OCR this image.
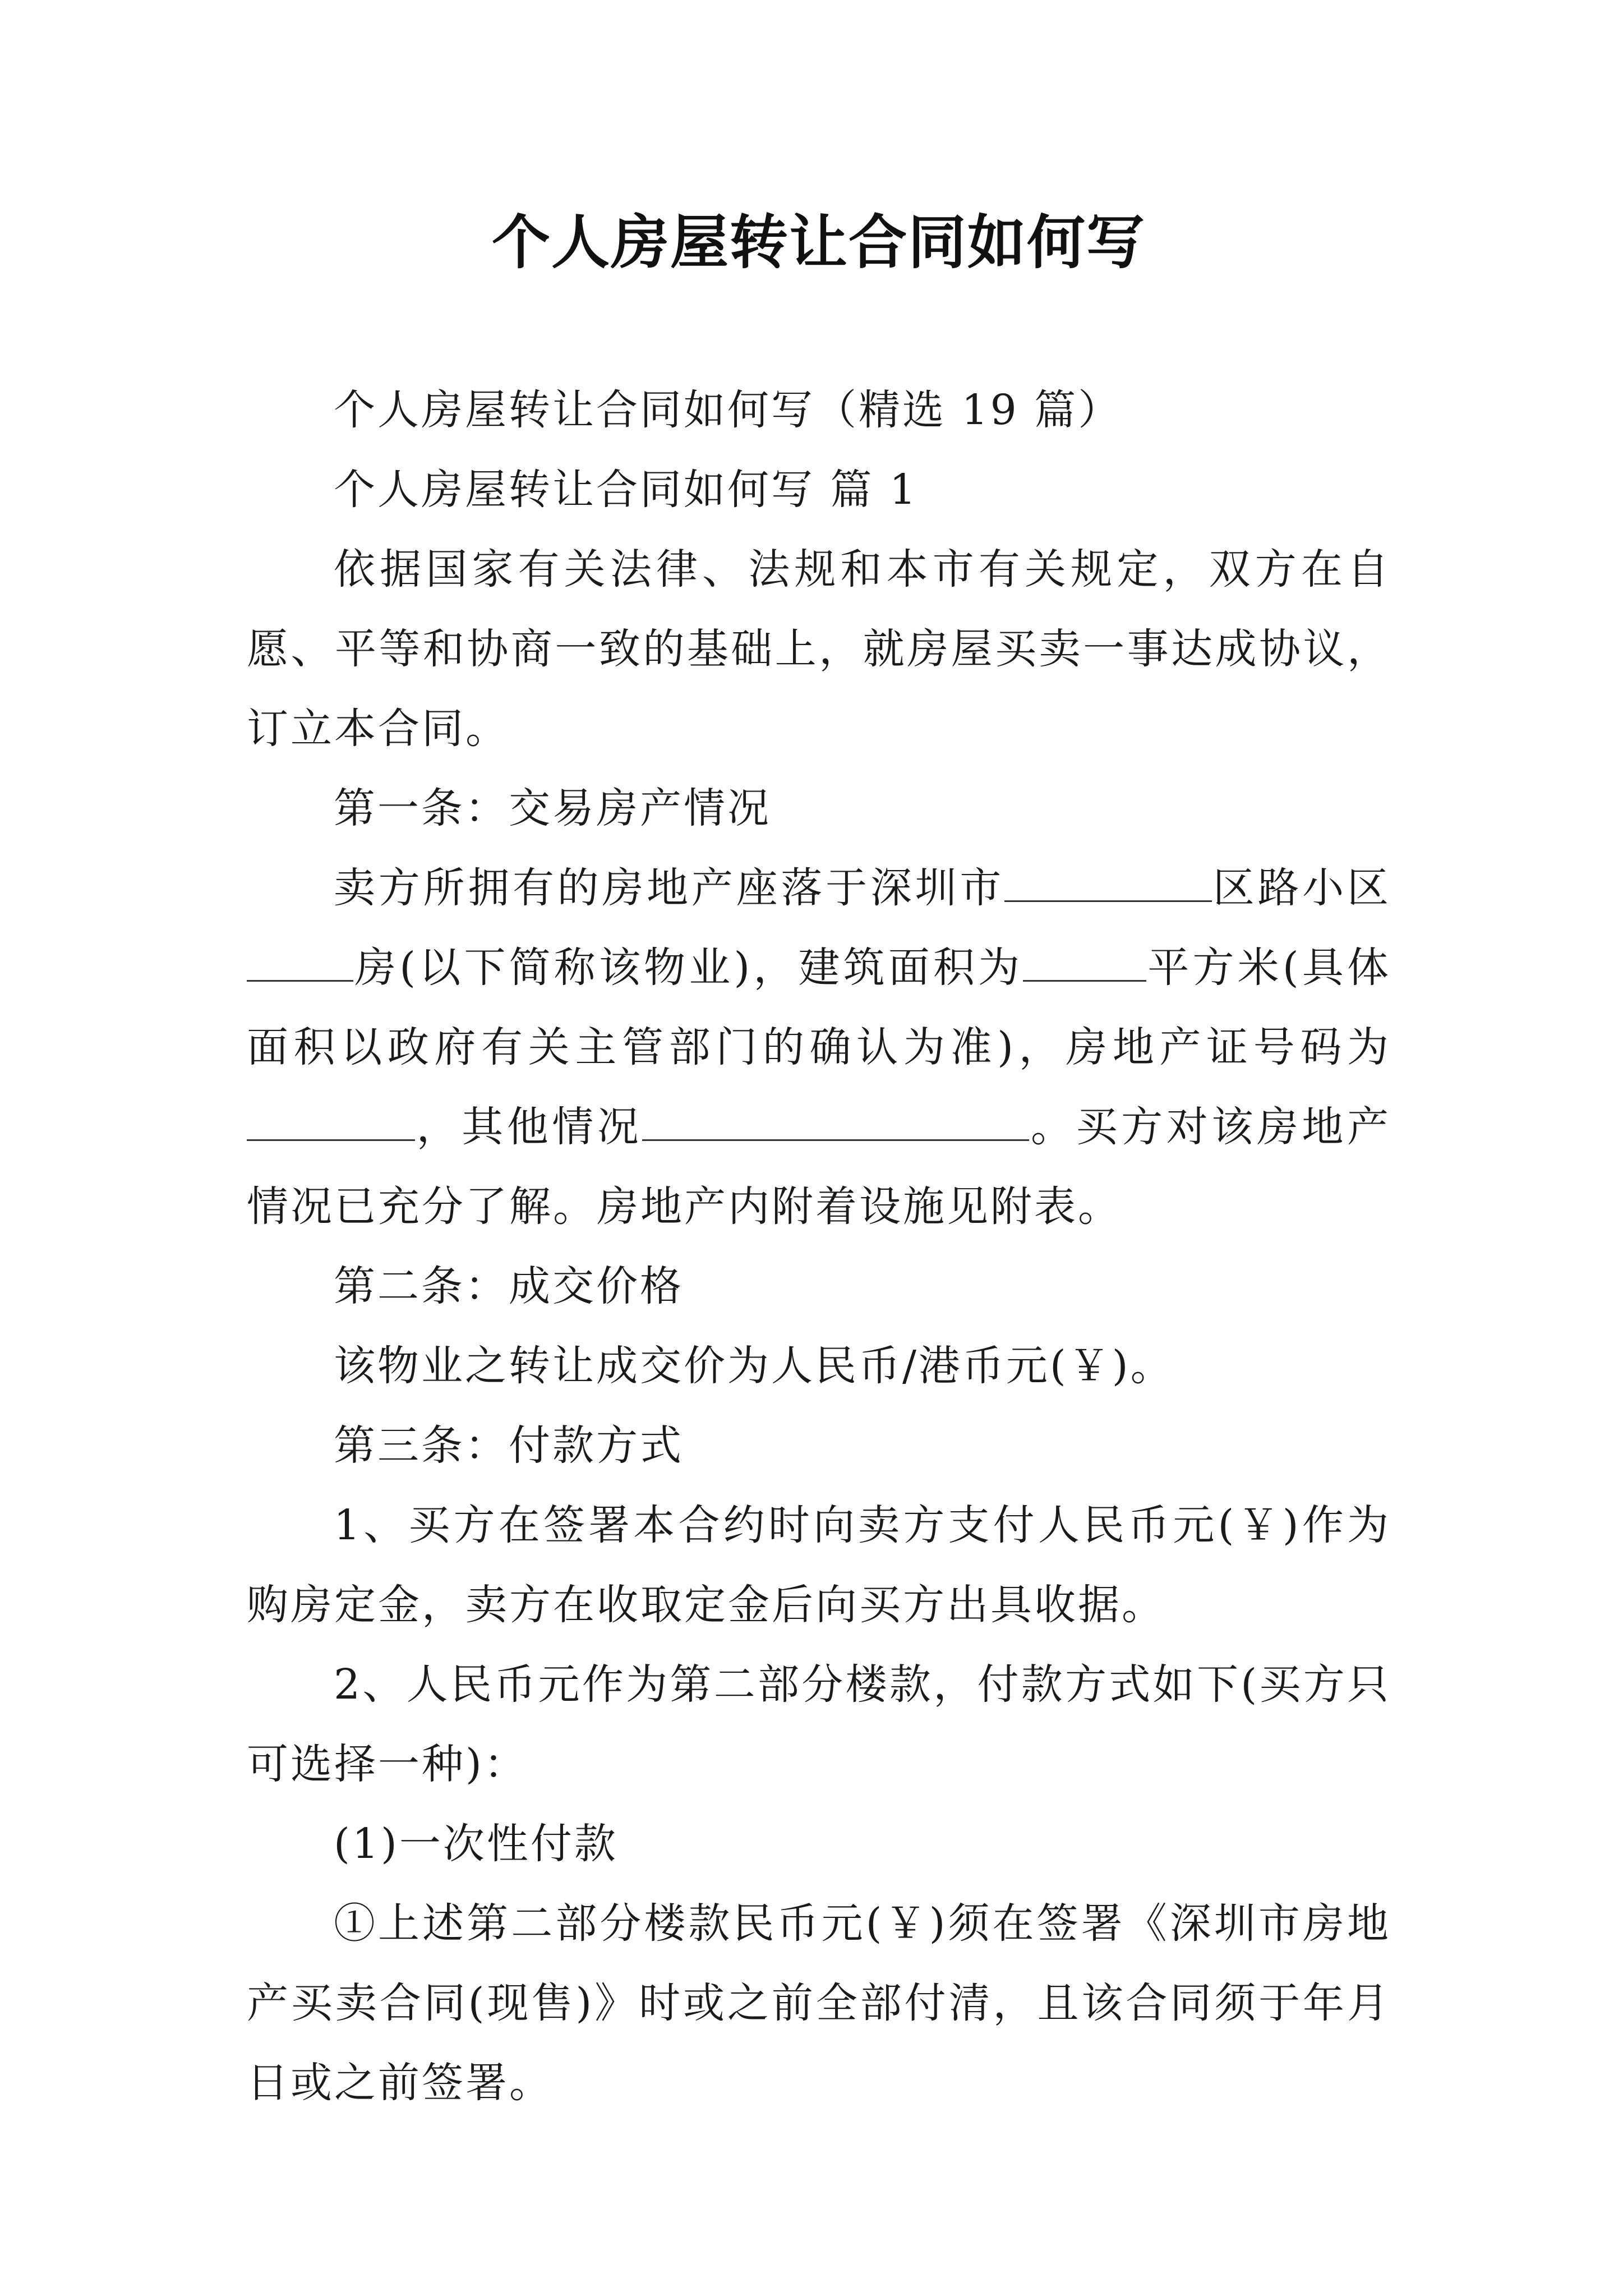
个人房屋转让合同如何写

个人房屋转让合同如何写（精选 19 篇）

个人房屋转让合同如何写 篇 1

依据国家有关法律、法规和本市有关规定，双方在自愿、平等和协商一致的基础上，就房屋买卖一事达成协议，订立本合同。

第一条：交易房产情况

卖方所拥有的房地产座落于深圳市	区路小区房(以下简称该物业)，建筑面积为	平方米(具体面积以政府有关主管部门的确认为准)，房地产证号码为，其他情况	。买方对该房地产情况已充分了解。房地产内附着设施见附表。

第二条：成交价格

该物业之转让成交价为人民币/港币元(￥)。

第三条：付款方式

1、买方在签署本合约时向卖方支付人民币元(￥)作为购房定金，卖方在收取定金后向买方出具收据。

2、人民币元作为第二部分楼款，付款方式如下(买方只可选择一种)：

(1)一次性付款

①上述第二部分楼款民币元(￥)须在签署《深圳市房地产买卖合同(现售)》时或之前全部付清，且该合同须于年月日或之前签署。
